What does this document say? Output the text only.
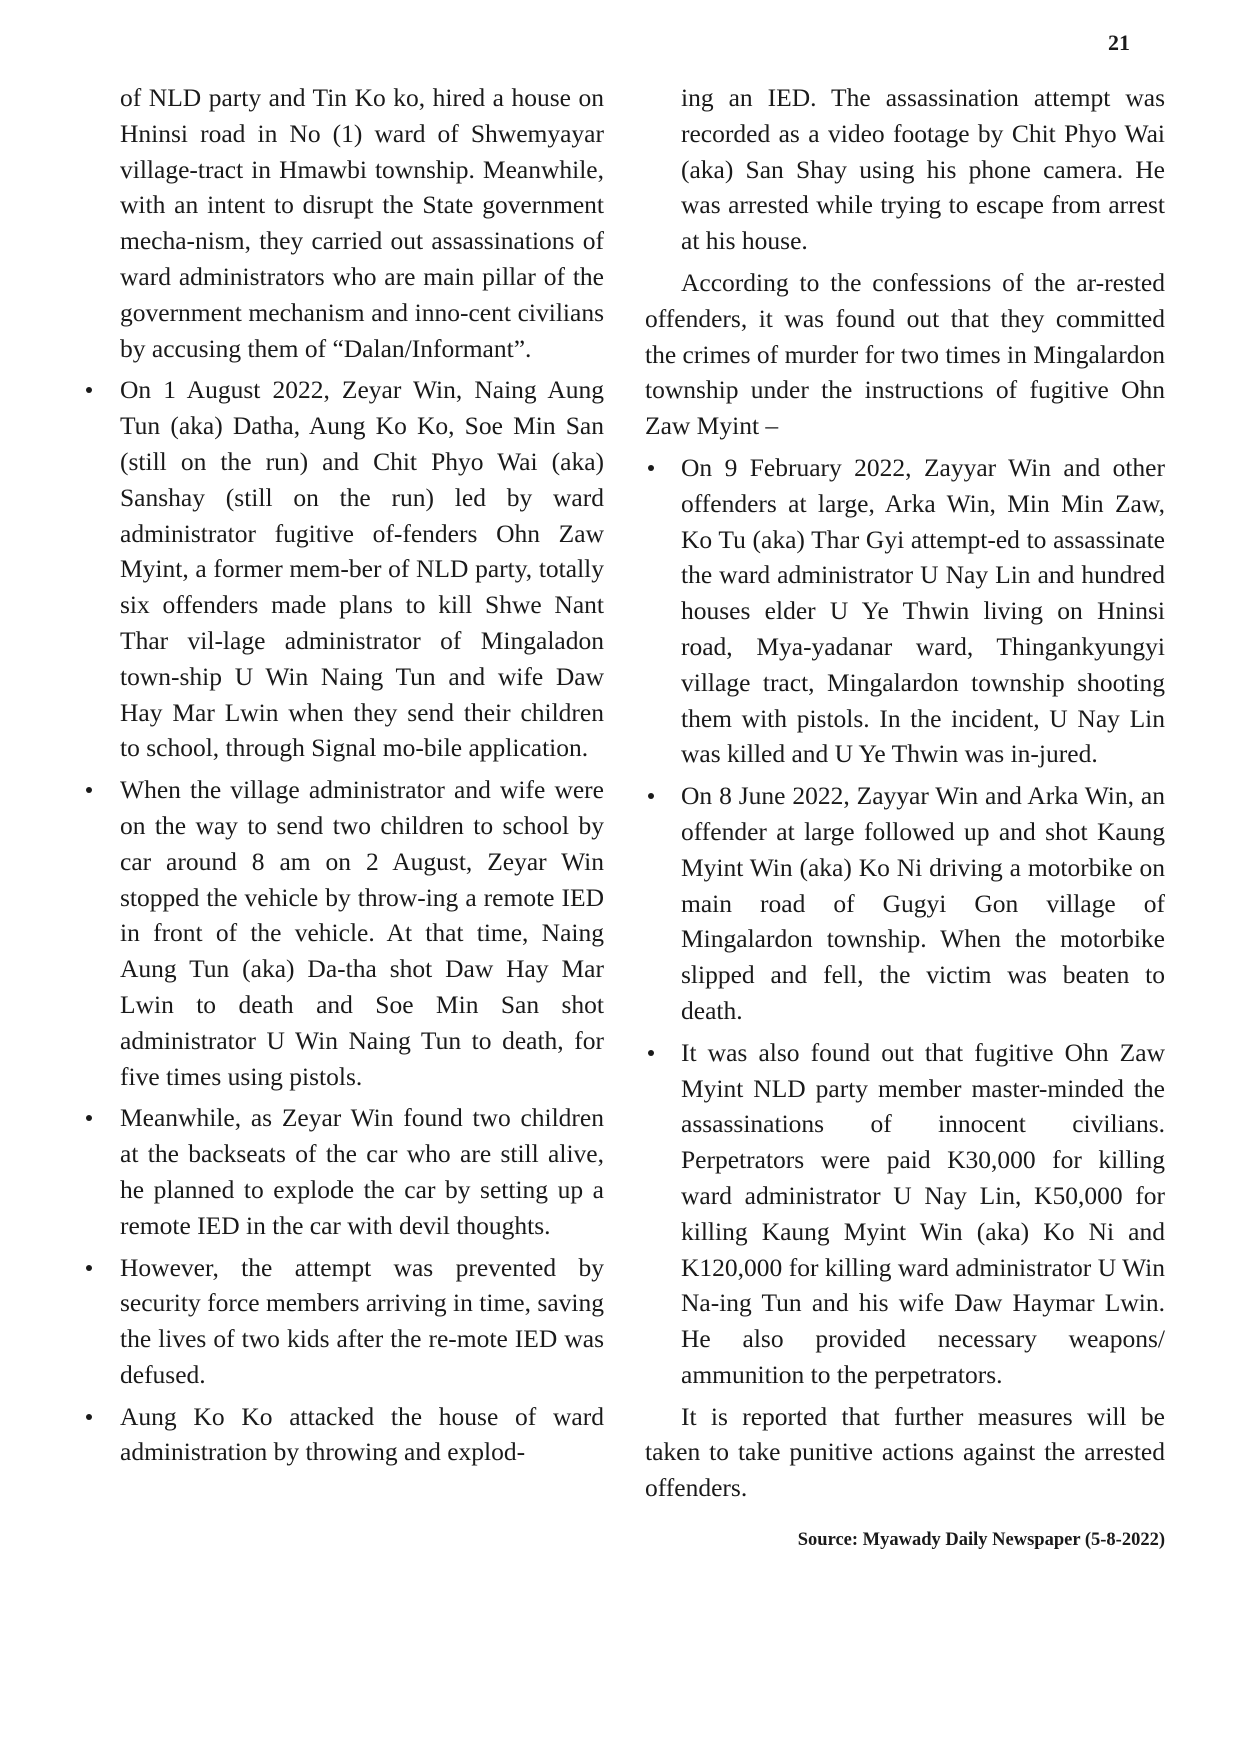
21
of NLD party and Tin Ko ko, hired a house on Hninsi road in No (1) ward of Shwemyayar village-tract in Hmawbi township. Meanwhile, with an intent to disrupt the State government mecha-nism, they carried out assassinations of ward administrators who are main pillar of the government mechanism and inno-cent civilians by accusing them of “Dalan/Informant”.
On 1 August 2022, Zeyar Win, Naing Aung Tun (aka) Datha, Aung Ko Ko, Soe Min San (still on the run) and Chit Phyo Wai (aka) Sanshay (still on the run) led by ward administrator fugitive of-fenders Ohn Zaw Myint, a former mem-ber of NLD party, totally six offenders made plans to kill Shwe Nant Thar vil-lage administrator of Mingaladon town-ship U Win Naing Tun and wife Daw Hay Mar Lwin when they send their children to school, through Signal mo-bile application.
When the village administrator and wife were on the way to send two children to school by car around 8 am on 2 August, Zeyar Win stopped the vehicle by throw-ing a remote IED in front of the vehicle. At that time, Naing Aung Tun (aka) Da-tha shot Daw Hay Mar Lwin to death and Soe Min San shot administrator U Win Naing Tun to death, for five times using pistols.
Meanwhile, as Zeyar Win found two children at the backseats of the car who are still alive, he planned to explode the car by setting up a remote IED in the car with devil thoughts.
However, the attempt was prevented by security force members arriving in time, saving the lives of two kids after the re-mote IED was defused.
Aung Ko Ko attacked the house of ward administration by throwing and explod-
ing an IED. The assassination attempt was recorded as a video footage by Chit Phyo Wai (aka) San Shay using his phone camera. He was arrested while trying to escape from arrest at his house.

According to the confessions of the ar-rested offenders, it was found out that they committed the crimes of murder for two times in Mingalardon township under the instructions of fugitive Ohn Zaw Myint –

On 9 February 2022, Zayyar Win and other offenders at large, Arka Win, Min Min Zaw, Ko Tu (aka) Thar Gyi attempt-ed to assassinate the ward administrator U Nay Lin and hundred houses elder U Ye Thwin living on Hninsi road, Mya-yadanar ward, Thingankyungyi village tract, Mingalardon township shooting them with pistols. In the incident, U Nay Lin was killed and U Ye Thwin was in-jured.
On 8 June 2022, Zayyar Win and Arka Win, an offender at large followed up and shot Kaung Myint Win (aka) Ko Ni driving a motorbike on main road of Gugyi Gon village of Mingalardon township. When the motorbike slipped and fell, the victim was beaten to death.
It was also found out that fugitive Ohn Zaw Myint NLD party member master-minded the assassinations of innocent civilians. Perpetrators were paid K30,000 for killing ward administrator U Nay Lin, K50,000 for killing Kaung Myint Win (aka) Ko Ni and K120,000 for killing ward administrator U Win Na-ing Tun and his wife Daw Haymar Lwin. He also provided necessary weapons/ ammunition to the perpetrators.

It is reported that further measures will be taken to take punitive actions against the arrested offenders.

Source: Myawady Daily Newspaper (5-8-2022)
